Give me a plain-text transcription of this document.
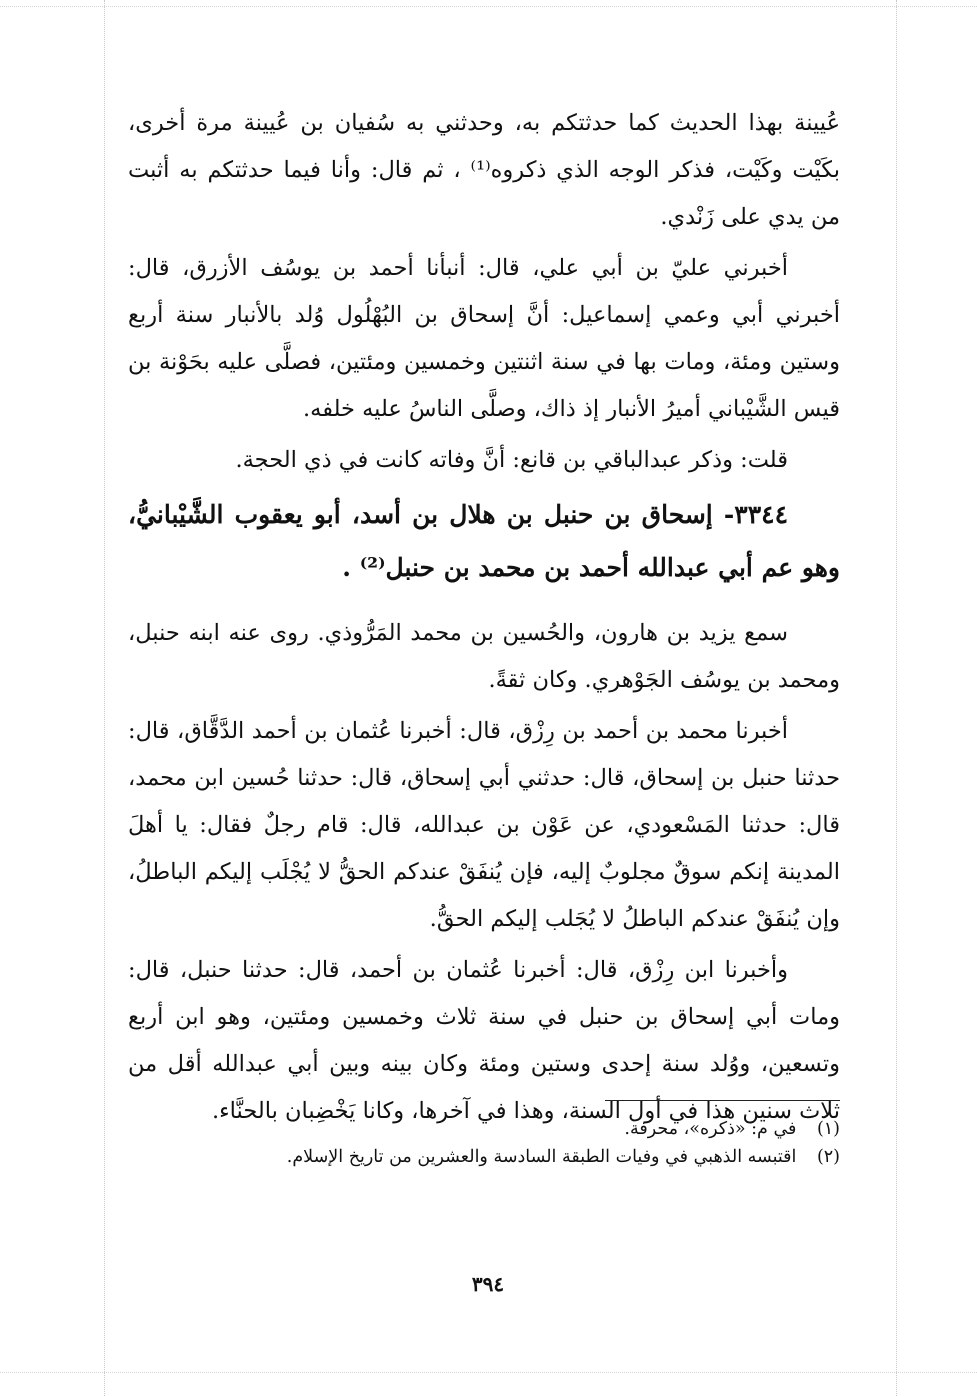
عُيينة بهذا الحديث كما حدثتكم به، وحدثني به سُفيان بن عُيينة مرة أخرى، بكَيْت وكَيْت، فذكر الوجه الذي ذكروه⁽¹⁾ ، ثم قال: وأنا فيما حدثتكم به أثبت من يدي على زَنْدي.

أخبرني عليّ بن أبي علي، قال: أنبأنا أحمد بن يوسُف الأزرق، قال: أخبرني أبي وعمي إسماعيل: أنَّ إسحاق بن البُهْلُول وُلد بالأنبار سنة أربع وستين ومئة، ومات بها في سنة اثنتين وخمسين ومئتين، فصلَّى عليه بحَوْنة بن قيس الشَّيْباني أميرُ الأنبار إذ ذاك، وصلَّى الناسُ عليه خلفه.

قلت: وذكر عبدالباقي بن قانع: أنَّ وفاته كانت في ذي الحجة.

٣٣٤٤- إسحاق بن حنبل بن هلال بن أسد، أبو يعقوب الشَّيْبانيُّ، وهو عم أبي عبدالله أحمد بن محمد بن حنبل⁽²⁾ .

سمع يزيد بن هارون، والحُسين بن محمد المَرُّوذي. روى عنه ابنه حنبل، ومحمد بن يوسُف الجَوْهري. وكان ثقةً.

أخبرنا محمد بن أحمد بن رِزْق، قال: أخبرنا عُثمان بن أحمد الدَّقَّاق، قال: حدثنا حنبل بن إسحاق، قال: حدثني أبي إسحاق، قال: حدثنا حُسين ابن محمد، قال: حدثنا المَسْعودي، عن عَوْن بن عبدالله، قال: قام رجلٌ فقال: يا أهلَ المدينة إنكم سوقٌ مجلوبٌ إليه، فإن يُنفَقْ عندكم الحقُّ لا يُجْلَب إليكم الباطلُ، وإن يُنفَقْ عندكم الباطلُ لا يُجَلب إليكم الحقُّ.

وأخبرنا ابن رِزْق، قال: أخبرنا عُثمان بن أحمد، قال: حدثنا حنبل، قال: ومات أبي إسحاق بن حنبل في سنة ثلاث وخمسين ومئتين، وهو ابن أربع وتسعين، ووُلد سنة إحدى وستين ومئة وكان بينه وبين أبي عبدالله أقل من ثلاث سنين هذا في أول السنة، وهذا في آخرها، وكانا يَخْضِبان بالحنَّاء.

(١) في م: «ذكره»، محرفة.

(٢) اقتبسه الذهبي في وفيات الطبقة السادسة والعشرين من تاريخ الإسلام.

٣٩٤
